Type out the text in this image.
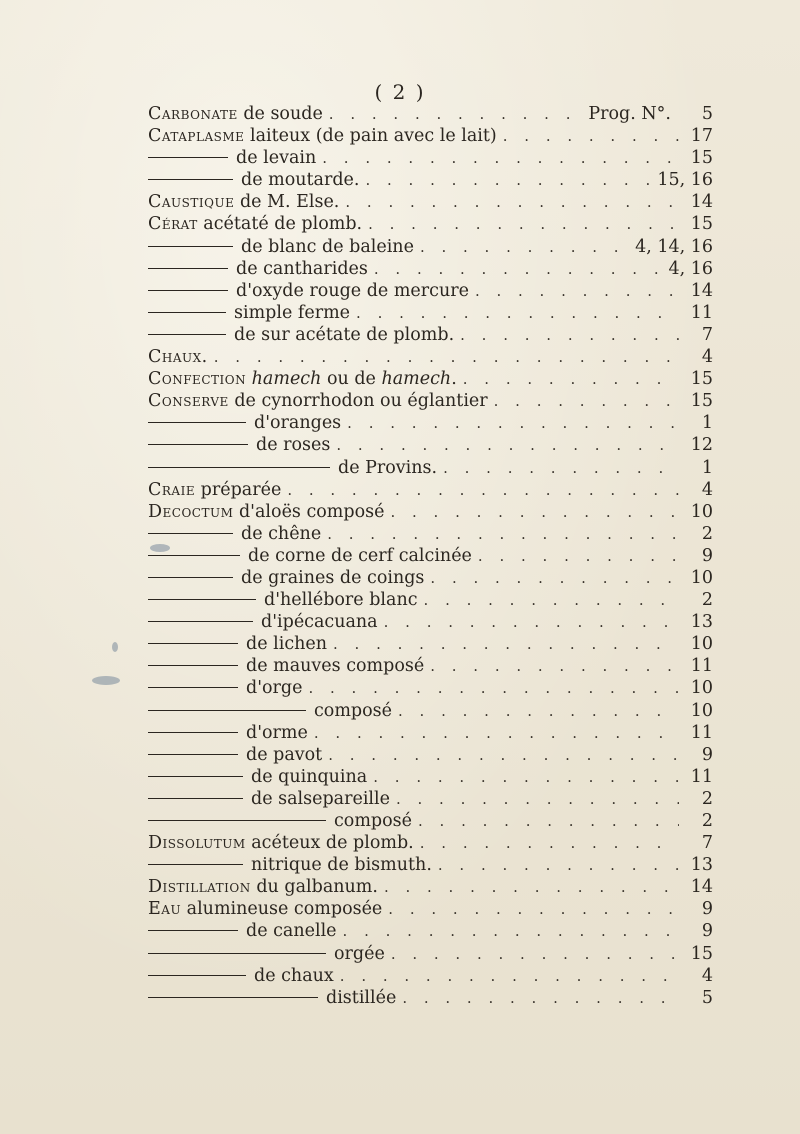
( 2 )
Carbonate de soude . . .	Prog. N°.	5
Cataplasme laiteux (de pain avec le lait) . . .	17
de levain . . .	15
de moutarde. . . .	15, 16
Caustique de M. Else. . . .	14
Cérat acétaté de plomb. . . .	15
de blanc de baleine . . .	4, 14, 16
de cantharides . . .	4, 16
d'oxyde rouge de mercure . . .	14
simple ferme . . .	11
de sur acétate de plomb. . . .	7
Chaux. . . .	4
Confection hamech ou de hamech. . . .	15
Conserve de cynorrhodon ou églantier . . .	15
d'oranges . . .	1
de roses . . .	12
de Provins. . . .	1
Craie préparée . . .	4
Decoctum d'aloës composé . . .	10
de chêne . . .	2
de corne de cerf calcinée . . .	9
de graines de coings . . .	10
d'hellébore blanc . . .	2
d'ipécacuana . . .	13
de lichen . . .	10
de mauves composé . . .	11
d'orge . . .	10
composé . . .	10
d'orme . . .	11
de pavot . . .	9
de quinquina . . .	11
de salsepareille . . .	2
composé . . .	2
Dissolutum acéteux de plomb. . . .	7
nitrique de bismuth. . . .	13
Distillation du galbanum. . . .	14
Eau alumineuse composée . . .	9
de canelle . . .	9
orgée . . .	15
de chaux . . .	4
distillée . . .	5
